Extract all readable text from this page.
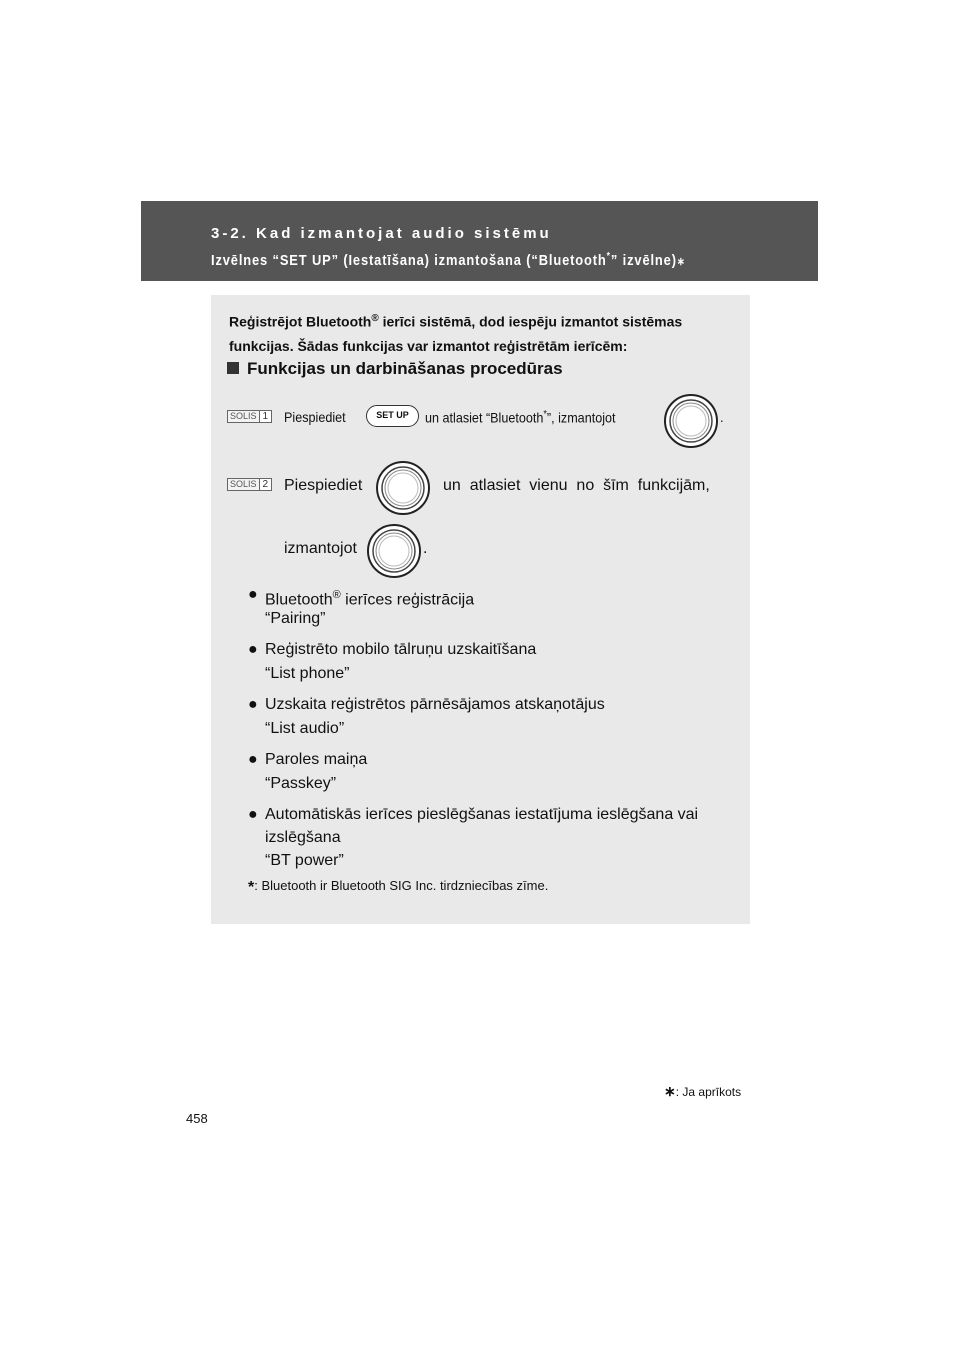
3-2. Kad izmantojat audio sistēmu
Izvēlnes “SET UP” (Iestatīšana) izmantošana (“Bluetooth*” izvēlne)∗
Reģistrējot Bluetooth® ierīci sistēmā, dod iespēju izmantot sistēmas funkcijas. Šādas funkcijas var izmantot reģistrētām ierīcēm:
Funkcijas un darbināšanas procedūras
SOLIS 1 Piespiediet	SET UP	un atlasiet “Bluetooth*”, izmantojot	.
SOLIS 2 Piespiediet	un  atlasiet  vienu  no  šīm  funkcijām,
izmantojot	.
● Bluetooth® ierīces reģistrācija
“Pairing”
● Reģistrēto mobilo tālruņu uzskaitīšana
“List phone”
● Uzskaita reģistrētos pārnēsājamos atskaņotājus
“List audio”
● Paroles maiņa
“Passkey”
● Automātiskās ierīces pieslēgšanas iestatījuma ieslēgšana vai
izslēgšana
“BT power”
*: Bluetooth ir Bluetooth SIG Inc. tirdzniecības zīme.
∗: Ja aprīkots
458
